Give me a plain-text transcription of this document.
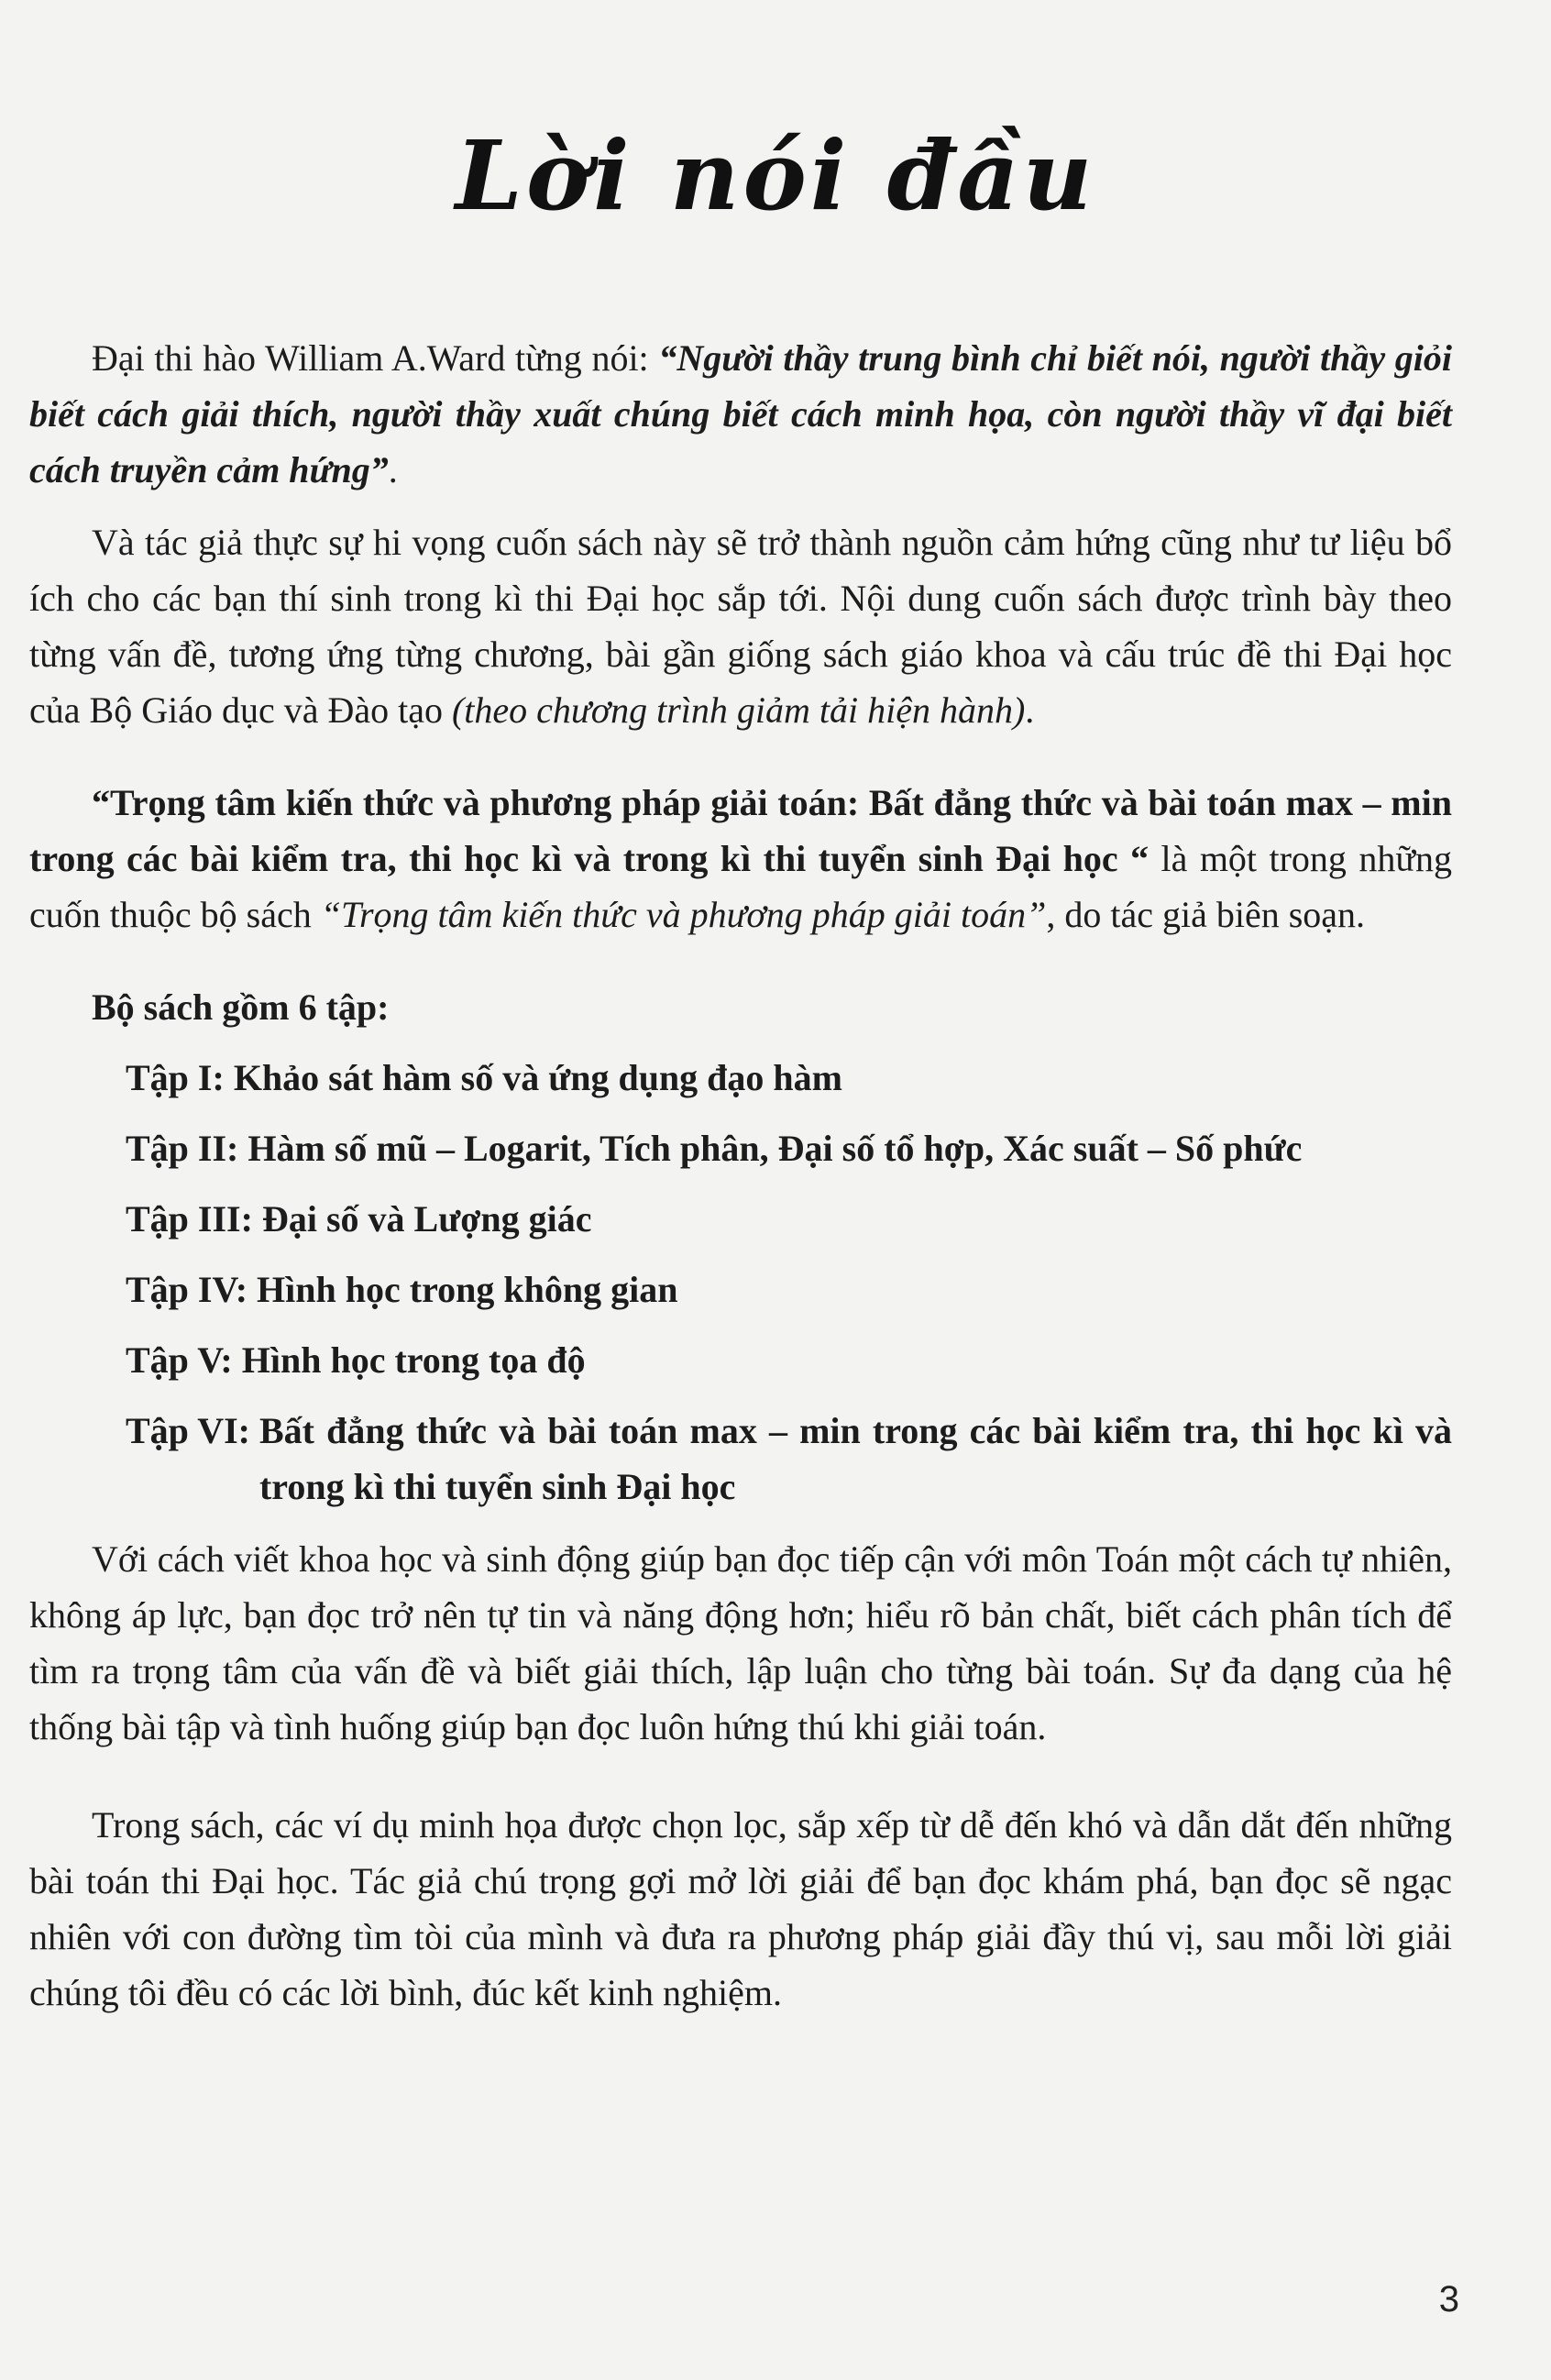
Lời nói đầu

Đại thi hào William A.Ward từng nói: “Người thầy trung bình chỉ biết nói, người thầy giỏi biết cách giải thích, người thầy xuất chúng biết cách minh họa, còn người thầy vĩ đại biết cách truyền cảm hứng”.

Và tác giả thực sự hi vọng cuốn sách này sẽ trở thành nguồn cảm hứng cũng như tư liệu bổ ích cho các bạn thí sinh trong kì thi Đại học sắp tới. Nội dung cuốn sách được trình bày theo từng vấn đề, tương ứng từng chương, bài gần giống sách giáo khoa và cấu trúc đề thi Đại học của Bộ Giáo dục và Đào tạo (theo chương trình giảm tải hiện hành).

“Trọng tâm kiến thức và phương pháp giải toán: Bất đẳng thức và bài toán max – min trong các bài kiểm tra, thi học kì và trong kì thi tuyển sinh Đại học “ là một trong những cuốn thuộc bộ sách “Trọng tâm kiến thức và phương pháp giải toán”, do tác giả biên soạn.

Bộ sách gồm 6 tập:

Tập I: Khảo sát hàm số và ứng dụng đạo hàm

Tập II: Hàm số mũ – Logarit, Tích phân, Đại số tổ hợp, Xác suất – Số phức

Tập III: Đại số và Lượng giác

Tập IV: Hình học trong không gian

Tập V: Hình học trong tọa độ

Tập VI: Bất đẳng thức và bài toán max – min trong các bài kiểm tra, thi học kì và trong kì thi tuyển sinh Đại học

Với cách viết khoa học và sinh động giúp bạn đọc tiếp cận với môn Toán một cách tự nhiên, không áp lực, bạn đọc trở nên tự tin và năng động hơn; hiểu rõ bản chất, biết cách phân tích để tìm ra trọng tâm của vấn đề và biết giải thích, lập luận cho từng bài toán. Sự đa dạng của hệ thống bài tập và tình huống giúp bạn đọc luôn hứng thú khi giải toán.

Trong sách, các ví dụ minh họa được chọn lọc, sắp xếp từ dễ đến khó và dẫn dắt đến những bài toán thi Đại học. Tác giả chú trọng gợi mở lời giải để bạn đọc khám phá, bạn đọc sẽ ngạc nhiên với con đường tìm tòi của mình và đưa ra phương pháp giải đầy thú vị, sau mỗi lời giải chúng tôi đều có các lời bình, đúc kết kinh nghiệm.

3
